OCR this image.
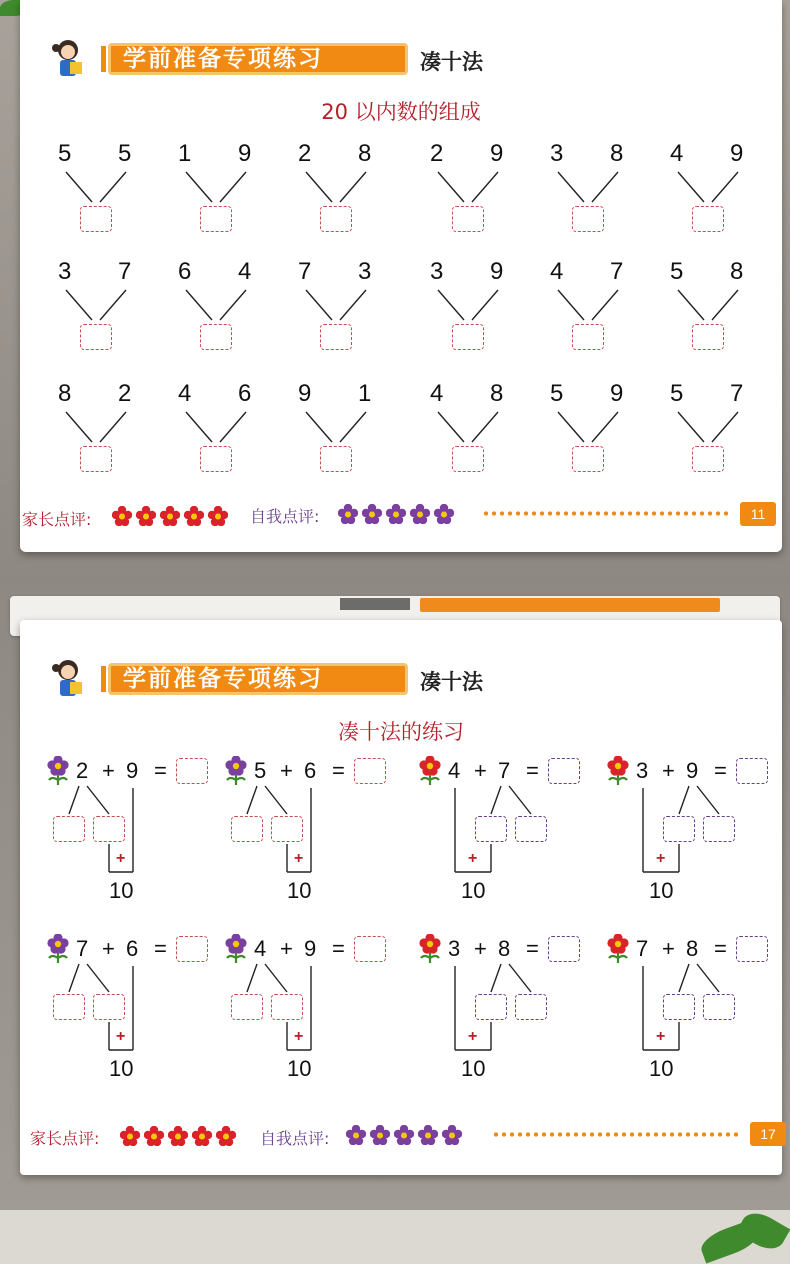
学前准备专项练习	凑十法
20 以内数的组成
5 5 1 9 2 8 2 9 3 8 4 9
3 7 6 4 7 3 3 9 4 7 5 8
8 2 4 6 9 1 4 8 5 9 5 7
家长点评:	自我点评:	11
学前准备专项练习	凑十法
凑十法的练习
2 + 9 =
+
10
5 + 6 =
+
10
4 + 7 =
+
10
3 + 9 =
+
10
7 + 6 =
+
10
4 + 9 =
+
10
3 + 8 =
+
10
7 + 8 =
+
10
家长点评:	自我点评:	17
